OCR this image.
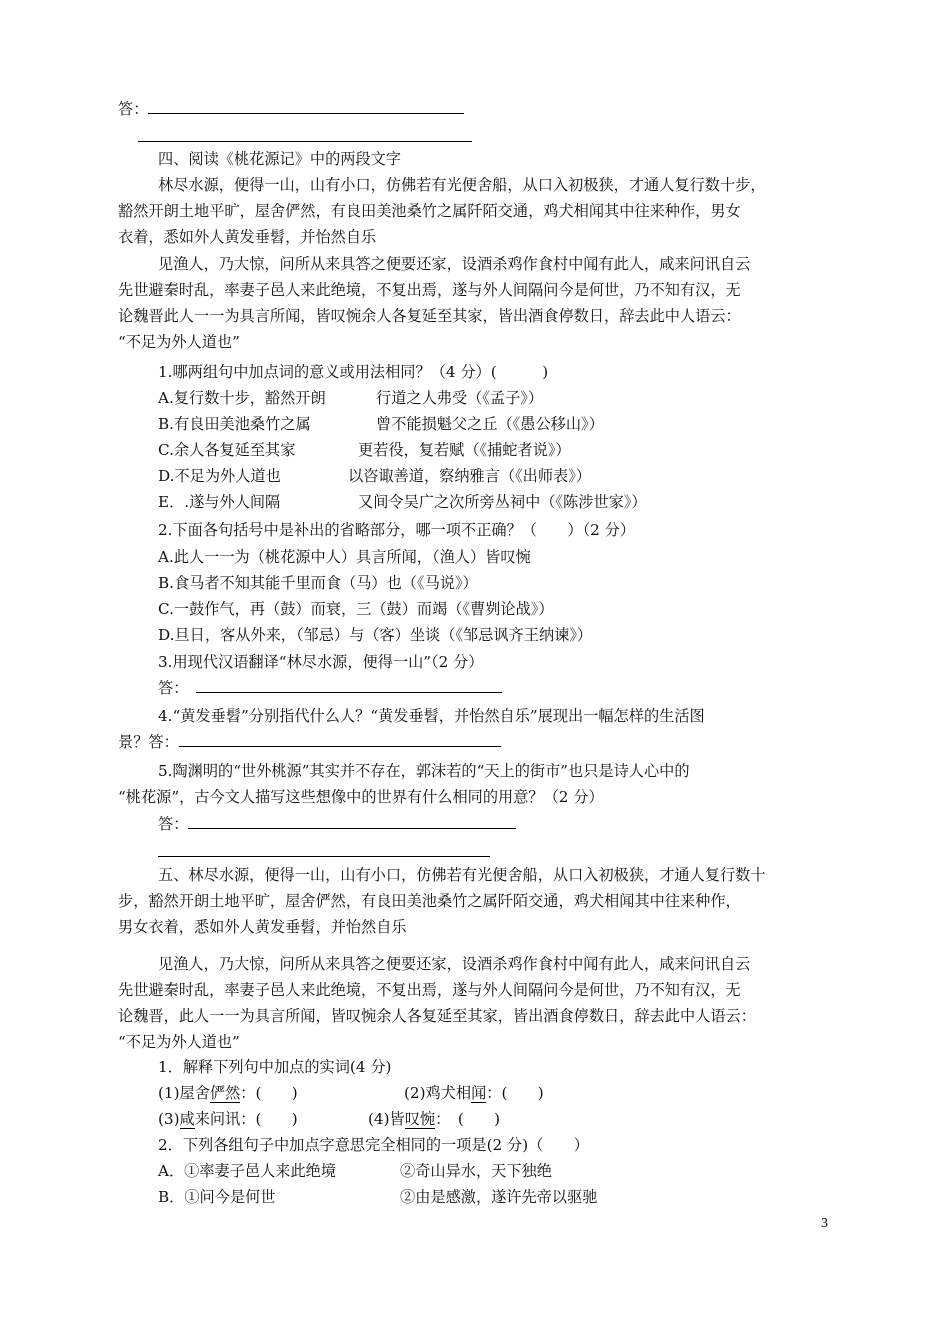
答：
四、阅读《桃花源记》中的两段文字
林尽水源，便得一山，山有小口，仿佛若有光便舍船，从口入初极狭，才通人复行数十步，
豁然开朗土地平旷，屋舍俨然，有良田美池桑竹之属阡陌交通，鸡犬相闻其中往来种作，男女
衣着，悉如外人黄发垂髫，并怡然自乐
见渔人，乃大惊，问所从来具答之便要还家，设酒杀鸡作食村中闻有此人，咸来问讯自云
先世避秦时乱，率妻子邑人来此绝境，不复出焉，遂与外人间隔问今是何世，乃不知有汉，无
论魏晋此人一一为具言所闻，皆叹惋余人各复延至其家，皆出酒食停数日，辞去此中人语云：
“不足为外人道也”
1.哪两组句中加点词的意义或用法相同？（4 分）(　　　)
A.复行数十步，豁然开朗	行道之人弗受（《孟子》）
B.有良田美池桑竹之属	曾不能损魁父之丘（《愚公移山》）
C.余人各复延至其家	更若役，复若赋（《捕蛇者说》）
D.不足为外人道也	以咨诹善道，察纳雅言（《出师表》）
E．.遂与外人间隔	又间令吴广之次所旁丛祠中（《陈涉世家》）
2.下面各句括号中是补出的省略部分，哪一项不正确？（　　）（2 分）
A.此人一一为（桃花源中人）具言所闻，（渔人）皆叹惋
B.食马者不知其能千里而食（马）也（《马说》）
C.一鼓作气，再（鼓）而衰，三（鼓）而竭（《曹刿论战》）
D.旦日，客从外来，（邹忌）与（客）坐谈（《邹忌讽齐王纳谏》）
3.用现代汉语翻译“林尽水源，便得一山”（2 分）
答：
4.“黄发垂髫”分别指代什么人？“黄发垂髫，并怡然自乐”展现出一幅怎样的生活图
景？答：
5.陶渊明的“世外桃源”其实并不存在，郭沫若的“天上的街市”也只是诗人心中的
“桃花源”，古今文人描写这些想像中的世界有什么相同的用意？（2 分）
答：
五、林尽水源，便得一山，山有小口，仿佛若有光便舍船，从口入初极狭，才通人复行数十
步，豁然开朗土地平旷，屋舍俨然，有良田美池桑竹之属阡陌交通，鸡犬相闻其中往来种作，
男女衣着，悉如外人黄发垂髫，并怡然自乐
见渔人，乃大惊，问所从来具答之便要还家，设酒杀鸡作食村中闻有此人，咸来问讯自云
先世避秦时乱，率妻子邑人来此绝境，不复出焉，遂与外人间隔问今是何世，乃不知有汉，无
论魏晋，此人一一为具言所闻，皆叹惋余人各复延至其家，皆出酒食停数日，辞去此中人语云：
“不足为外人道也”
1．解释下列句中加点的实词(4 分)
(1)屋舍俨然：(　　)	(2)鸡犬相闻：(　　)
(3)咸来问讯：(　　)	(4)皆叹惋：　(　　)
2．下列各组句子中加点字意思完全相同的一项是(2 分)（　　）
A．①率妻子邑人来此绝境	②奇山异水，天下独绝
B．①问今是何世	②由是感激，遂许先帝以驱驰
3
